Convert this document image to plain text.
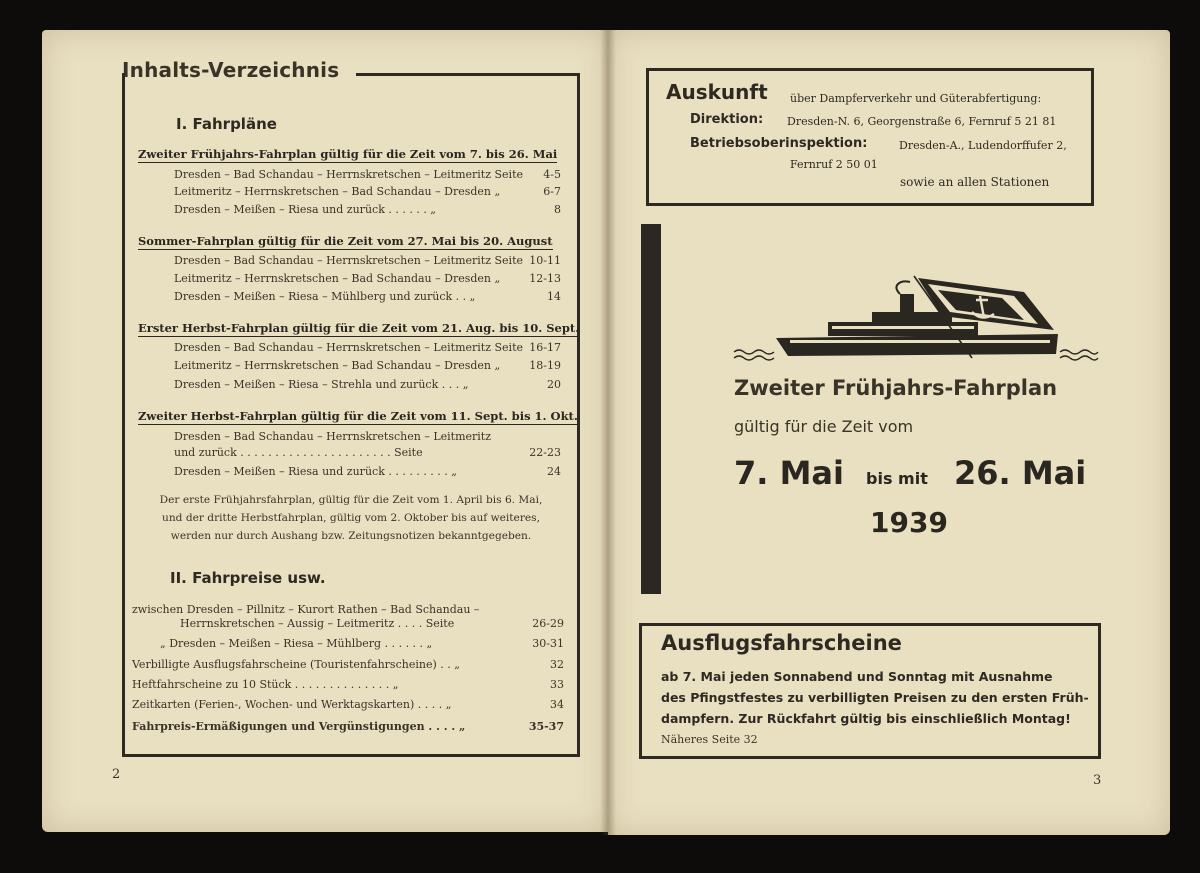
Inhalts-Verzeichnis
I. Fahrpläne
Zweiter Frühjahrs-Fahrplan gültig für die Zeit vom 7. bis 26. Mai
Dresden – Bad Schandau – Herrnskretschen – Leitmeritz Seite 4-5
Leitmeritz – Herrnskretschen – Bad Schandau – Dresden „	6-7
Dresden – Meißen – Riesa und zurück . . . . . . „	8
Sommer-Fahrplan gültig für die Zeit vom 27. Mai bis 20. August
Dresden – Bad Schandau – Herrnskretschen – Leitmeritz Seite 10-11
Leitmeritz – Herrnskretschen – Bad Schandau – Dresden „	12-13
Dresden – Meißen – Riesa – Mühlberg und zurück . . „	14
Erster Herbst-Fahrplan gültig für die Zeit vom 21. Aug. bis 10. Sept.
Dresden – Bad Schandau – Herrnskretschen – Leitmeritz Seite 16-17
Leitmeritz – Herrnskretschen – Bad Schandau – Dresden „	18-19
Dresden – Meißen – Riesa – Strehla und zurück . . . „	20
Zweiter Herbst-Fahrplan gültig für die Zeit vom 11. Sept. bis 1. Okt.
Dresden – Bad Schandau – Herrnskretschen – Leitmeritz
und zurück . . . . . . . . . . . . . . . . . . . . . . Seite	22-23
Dresden – Meißen – Riesa und zurück . . . . . . . . . „	24
Der erste Frühjahrsfahrplan, gültig für die Zeit vom 1. April bis 6. Mai,
und der dritte Herbstfahrplan, gültig vom 2. Oktober bis auf weiteres,
werden nur durch Aushang bzw. Zeitungsnotizen bekanntgegeben.
II. Fahrpreise usw.
zwischen Dresden – Pillnitz – Kurort Rathen – Bad Schandau –
Herrnskretschen – Aussig – Leitmeritz . . . . Seite	26-29
„ Dresden – Meißen – Riesa – Mühlberg . . . . . . „	30-31
Verbilligte Ausflugsfahrscheine (Touristenfahrscheine) . . „	32
Heftfahrscheine zu 10 Stück . . . . . . . . . . . . . . „	33
Zeitkarten (Ferien-, Wochen- und Werktagskarten) . . . . „	34
Fahrpreis-Ermäßigungen und Vergünstigungen . . . . „	35-37
2
Auskunft über Dampferverkehr und Güterabfertigung:
Direktion: Dresden-N. 6, Georgenstraße 6, Fernruf 5 21 81
Betriebsoberinspektion:	Dresden-A., Ludendorffufer 2,
Fernruf 2 50 01
sowie an allen Stationen
Zweiter Frühjahrs-Fahrplan
gültig für die Zeit vom
7. Mai bis mit 26. Mai
1939
Ausflugsfahrscheine
ab 7. Mai jeden Sonnabend und Sonntag mit Ausnahme
des Pfingstfestes zu verbilligten Preisen zu den ersten Früh-
dampfern. Zur Rückfahrt gültig bis einschließlich Montag!
Näheres Seite 32
3
